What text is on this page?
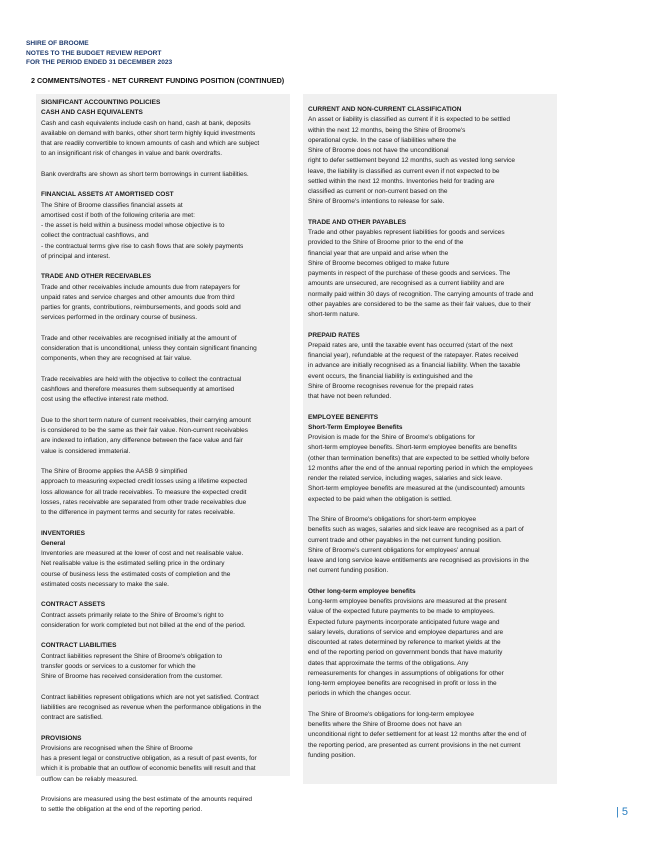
SHIRE OF BROOME
NOTES TO THE BUDGET REVIEW REPORT
FOR THE PERIOD ENDED 31 DECEMBER 2023
2 COMMENTS/NOTES - NET CURRENT FUNDING POSITION (CONTINUED)
SIGNIFICANT ACCOUNTING POLICIES
CASH AND CASH EQUIVALENTS
Cash and cash equivalents include cash on hand, cash at bank, deposits
available on demand with banks, other short term highly liquid investments
that are readily convertible to known amounts of cash and which are subject
to an insignificant risk of changes in value and bank overdrafts.
Bank overdrafts are shown as short term borrowings in current liabilities.
FINANCIAL ASSETS AT AMORTISED COST
The Shire of Broome classifies financial assets at
amortised cost if both of the following criteria are met:
- the asset is held within a business model whose objective is to
collect the contractual cashflows, and
- the contractual terms give rise to cash flows that are solely payments
of principal and interest.
TRADE AND OTHER RECEIVABLES
Trade and other receivables include amounts due from ratepayers for
unpaid rates and service charges and other amounts due from third
parties for grants, contributions, reimbursements, and goods sold and
services performed in the ordinary course of business.
Trade and other receivables are recognised initially at the amount of
consideration that is unconditional, unless they contain significant financing
components, when they are recognised at fair value.
Trade receivables are held with the objective to collect the contractual
cashflows and therefore measures them subsequently at amortised
cost using the effective interest rate method.
Due to the short term nature of current receivables, their carrying amount
is considered to be the same as their fair value. Non-current receivables
are indexed to inflation, any difference between the face value and fair
value is considered immaterial.
The Shire of Broome applies the AASB 9 simplified
approach to measuring expected credit losses using a lifetime expected
loss allowance for all trade receivables. To measure the expected credit
losses, rates receivable are separated from other trade receivables due
to the difference in payment terms and security for rates receivable.
INVENTORIES
General
Inventories are measured at the lower of cost and net realisable value.
Net realisable value is the estimated selling price in the ordinary
course of business less the estimated costs of completion and the
estimated costs necessary to make the sale.
CONTRACT ASSETS
Contract assets primarily relate to the Shire of Broome's right to
consideration for work completed but not billed at the end of the period.
CONTRACT LIABILITIES
Contract liabilities represent the Shire of Broome's obligation to
transfer goods or services to a customer for which the
Shire of Broome has received consideration from the customer.
Contract liabilities represent obligations which are not yet satisfied. Contract
liabilities are recognised as revenue when the performance obligations in the
contract are satisfied.
PROVISIONS
Provisions are recognised when the Shire of Broome
has a present legal or constructive obligation, as a result of past events, for
which it is probable that an outflow of economic benefits will result and that
outflow can be reliably measured.
Provisions are measured using the best estimate of the amounts required
to settle the obligation at the end of the reporting period.
CURRENT AND NON-CURRENT CLASSIFICATION
An asset or liability is classified as current if it is expected to be settled
within the next 12 months, being the Shire of Broome's
operational cycle. In the case of liabilities where the
Shire of Broome does not have the unconditional
right to defer settlement beyond 12 months, such as vested long service
leave, the liability is classified as current even if not expected to be
settled within the next 12 months. Inventories held for trading are
classified as current or non-current based on the
Shire of Broome's intentions to release for sale.
TRADE AND OTHER PAYABLES
Trade and other payables represent liabilities for goods and services
provided to the Shire of Broome prior to the end of the
financial year that are unpaid and arise when the
Shire of Broome becomes obliged to make future
payments in respect of the purchase of these goods and services. The
amounts are unsecured, are recognised as a current liability and are
normally paid within 30 days of recognition. The carrying amounts of trade and
other payables are considered to be the same as their fair values, due to their
short-term nature.
PREPAID RATES
Prepaid rates are, until the taxable event has occurred (start of the next
financial year), refundable at the request of the ratepayer. Rates received
in advance are initially recognised as a financial liability. When the taxable
event occurs, the financial liability is extinguished and the
Shire of Broome recognises revenue for the prepaid rates
that have not been refunded.
EMPLOYEE BENEFITS
Short-Term Employee Benefits
Provision is made for the Shire of Broome's obligations for
short-term employee benefits. Short-term employee benefits are benefits
(other than termination benefits) that are expected to be settled wholly before
12 months after the end of the annual reporting period in which the employees
render the related service, including wages, salaries and sick leave.
Short-term employee benefits are measured at the (undiscounted) amounts
expected to be paid when the obligation is settled.
The Shire of Broome's obligations for short-term employee
benefits such as wages, salaries and sick leave are recognised as a part of
current trade and other payables in the net current funding position.
Shire of Broome's current obligations for employees' annual
leave and long service leave entitlements are recognised as provisions in the
net current funding position.
Other long-term employee benefits
Long-term employee benefits provisions are measured at the present
value of the expected future payments to be made to employees.
Expected future payments incorporate anticipated future wage and
salary levels, durations of service and employee departures and are
discounted at rates determined by reference to market yields at the
end of the reporting period on government bonds that have maturity
dates that approximate the terms of the obligations. Any
remeasurements for changes in assumptions of obligations for other
long-term employee benefits are recognised in profit or loss in the
periods in which the changes occur.
The Shire of Broome's obligations for long-term employee
benefits where the Shire of Broome does not have an
unconditional right to defer settlement for at least 12 months after the end of
the reporting period, are presented as current provisions in the net current
funding position.
| 5
